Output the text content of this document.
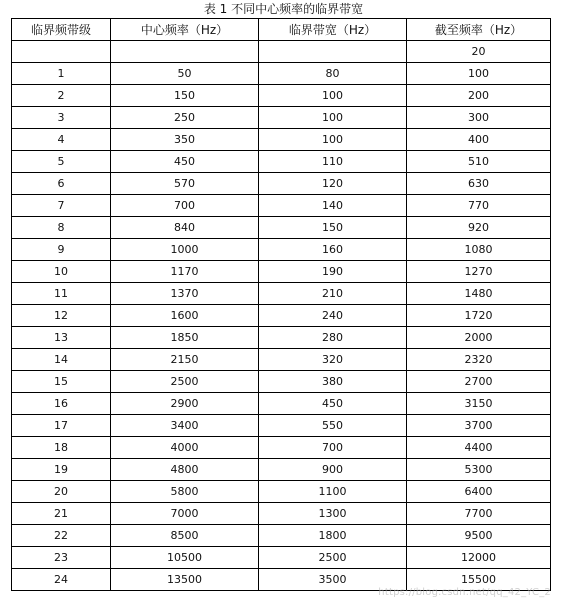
表 1 不同中心频率的临界带宽
临界频带级	中心频率（Hz）	临界带宽（Hz）	截至频率（Hz）
			20
1	50	80	100
2	150	100	200
3	250	100	300
4	350	100	400
5	450	110	510
6	570	120	630
7	700	140	770
8	840	150	920
9	1000	160	1080
10	1170	190	1270
11	1370	210	1480
12	1600	240	1720
13	1850	280	2000
14	2150	320	2320
15	2500	380	2700
16	2900	450	3150
17	3400	550	3700
18	4000	700	4400
19	4800	900	5300
20	5800	1100	6400
21	7000	1300	7700
22	8500	1800	9500
23	10500	2500	12000
24	13500	3500	15500
https://blog.csdn.net/qq_42_YC_2
